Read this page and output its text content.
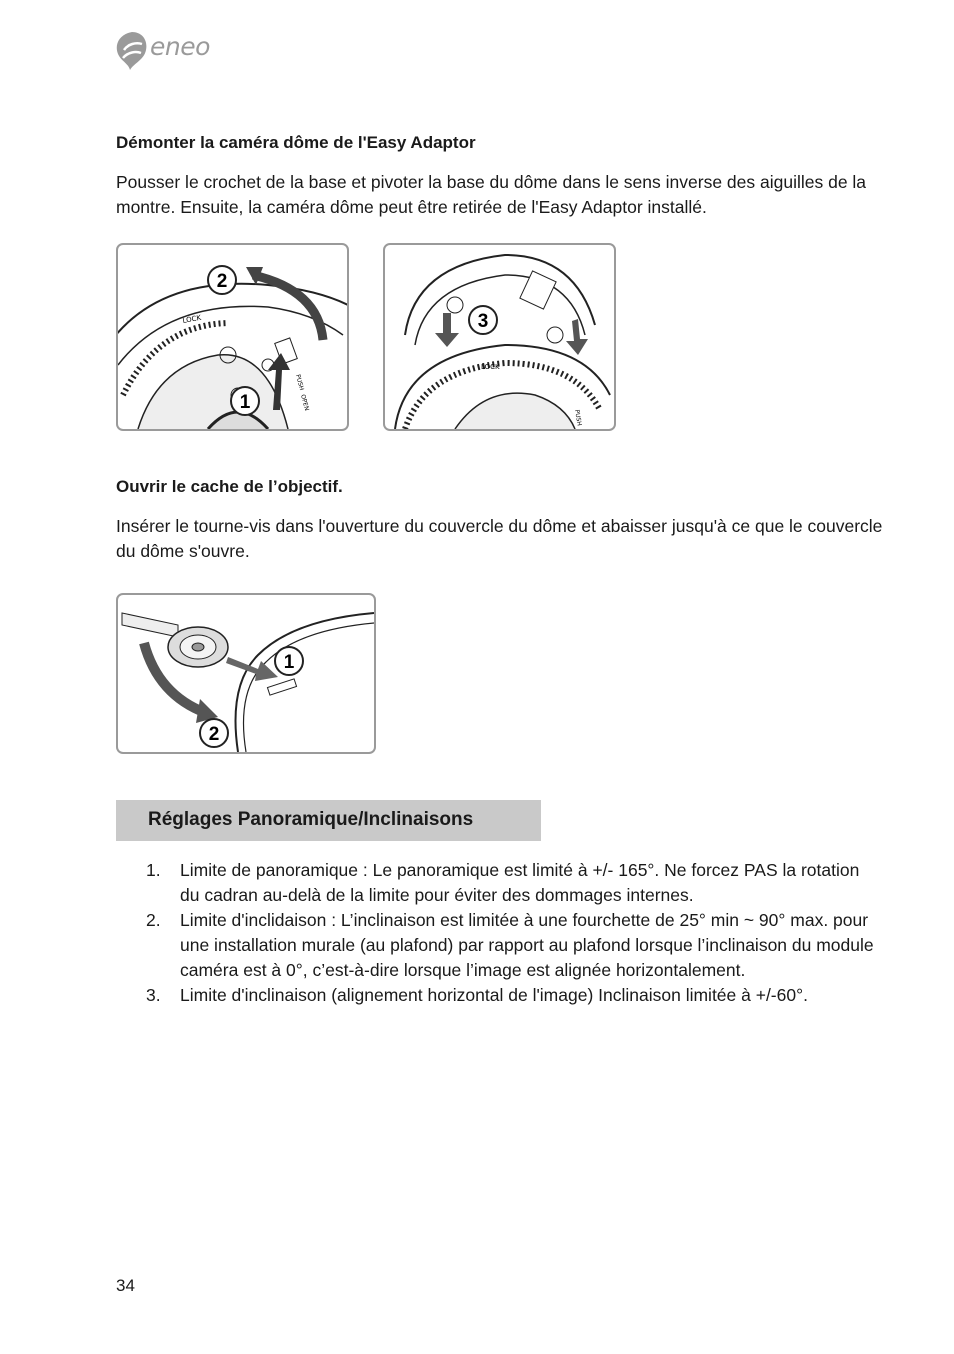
eneo
Démonter la caméra dôme de l'Easy Adaptor
Pousser le crochet de la base et pivoter la base du dôme dans le sens inverse des aiguilles de la montre. Ensuite, la caméra dôme peut être retirée de l'Easy Adaptor installé.
LOCK
PUSH
OPEN
2
1
LOCK
PUSH
3
Ouvrir le cache de l’objectif.
Insérer le tourne-vis dans l'ouverture du couvercle du dôme et abaisser jusqu'à ce que le couvercle du dôme s'ouvre.
1
2
Réglages Panoramique/Inclinaisons
1. Limite de panoramique : Le panoramique est limité à +/- 165°. Ne forcez PAS la rotation du cadran au-delà de la limite pour éviter des dommages internes.
2. Limite d'inclidaison : L’inclinaison est limitée à une fourchette de 25° min ~ 90° max. pour une installation murale (au plafond) par rapport au plafond lorsque l’inclinaison du module caméra est à 0°, c’est-à-dire lorsque l’image est alignée horizontalement.
3. Limite d'inclinaison (alignement horizontal de l'image) Inclinaison limitée à +/-60°.
34
